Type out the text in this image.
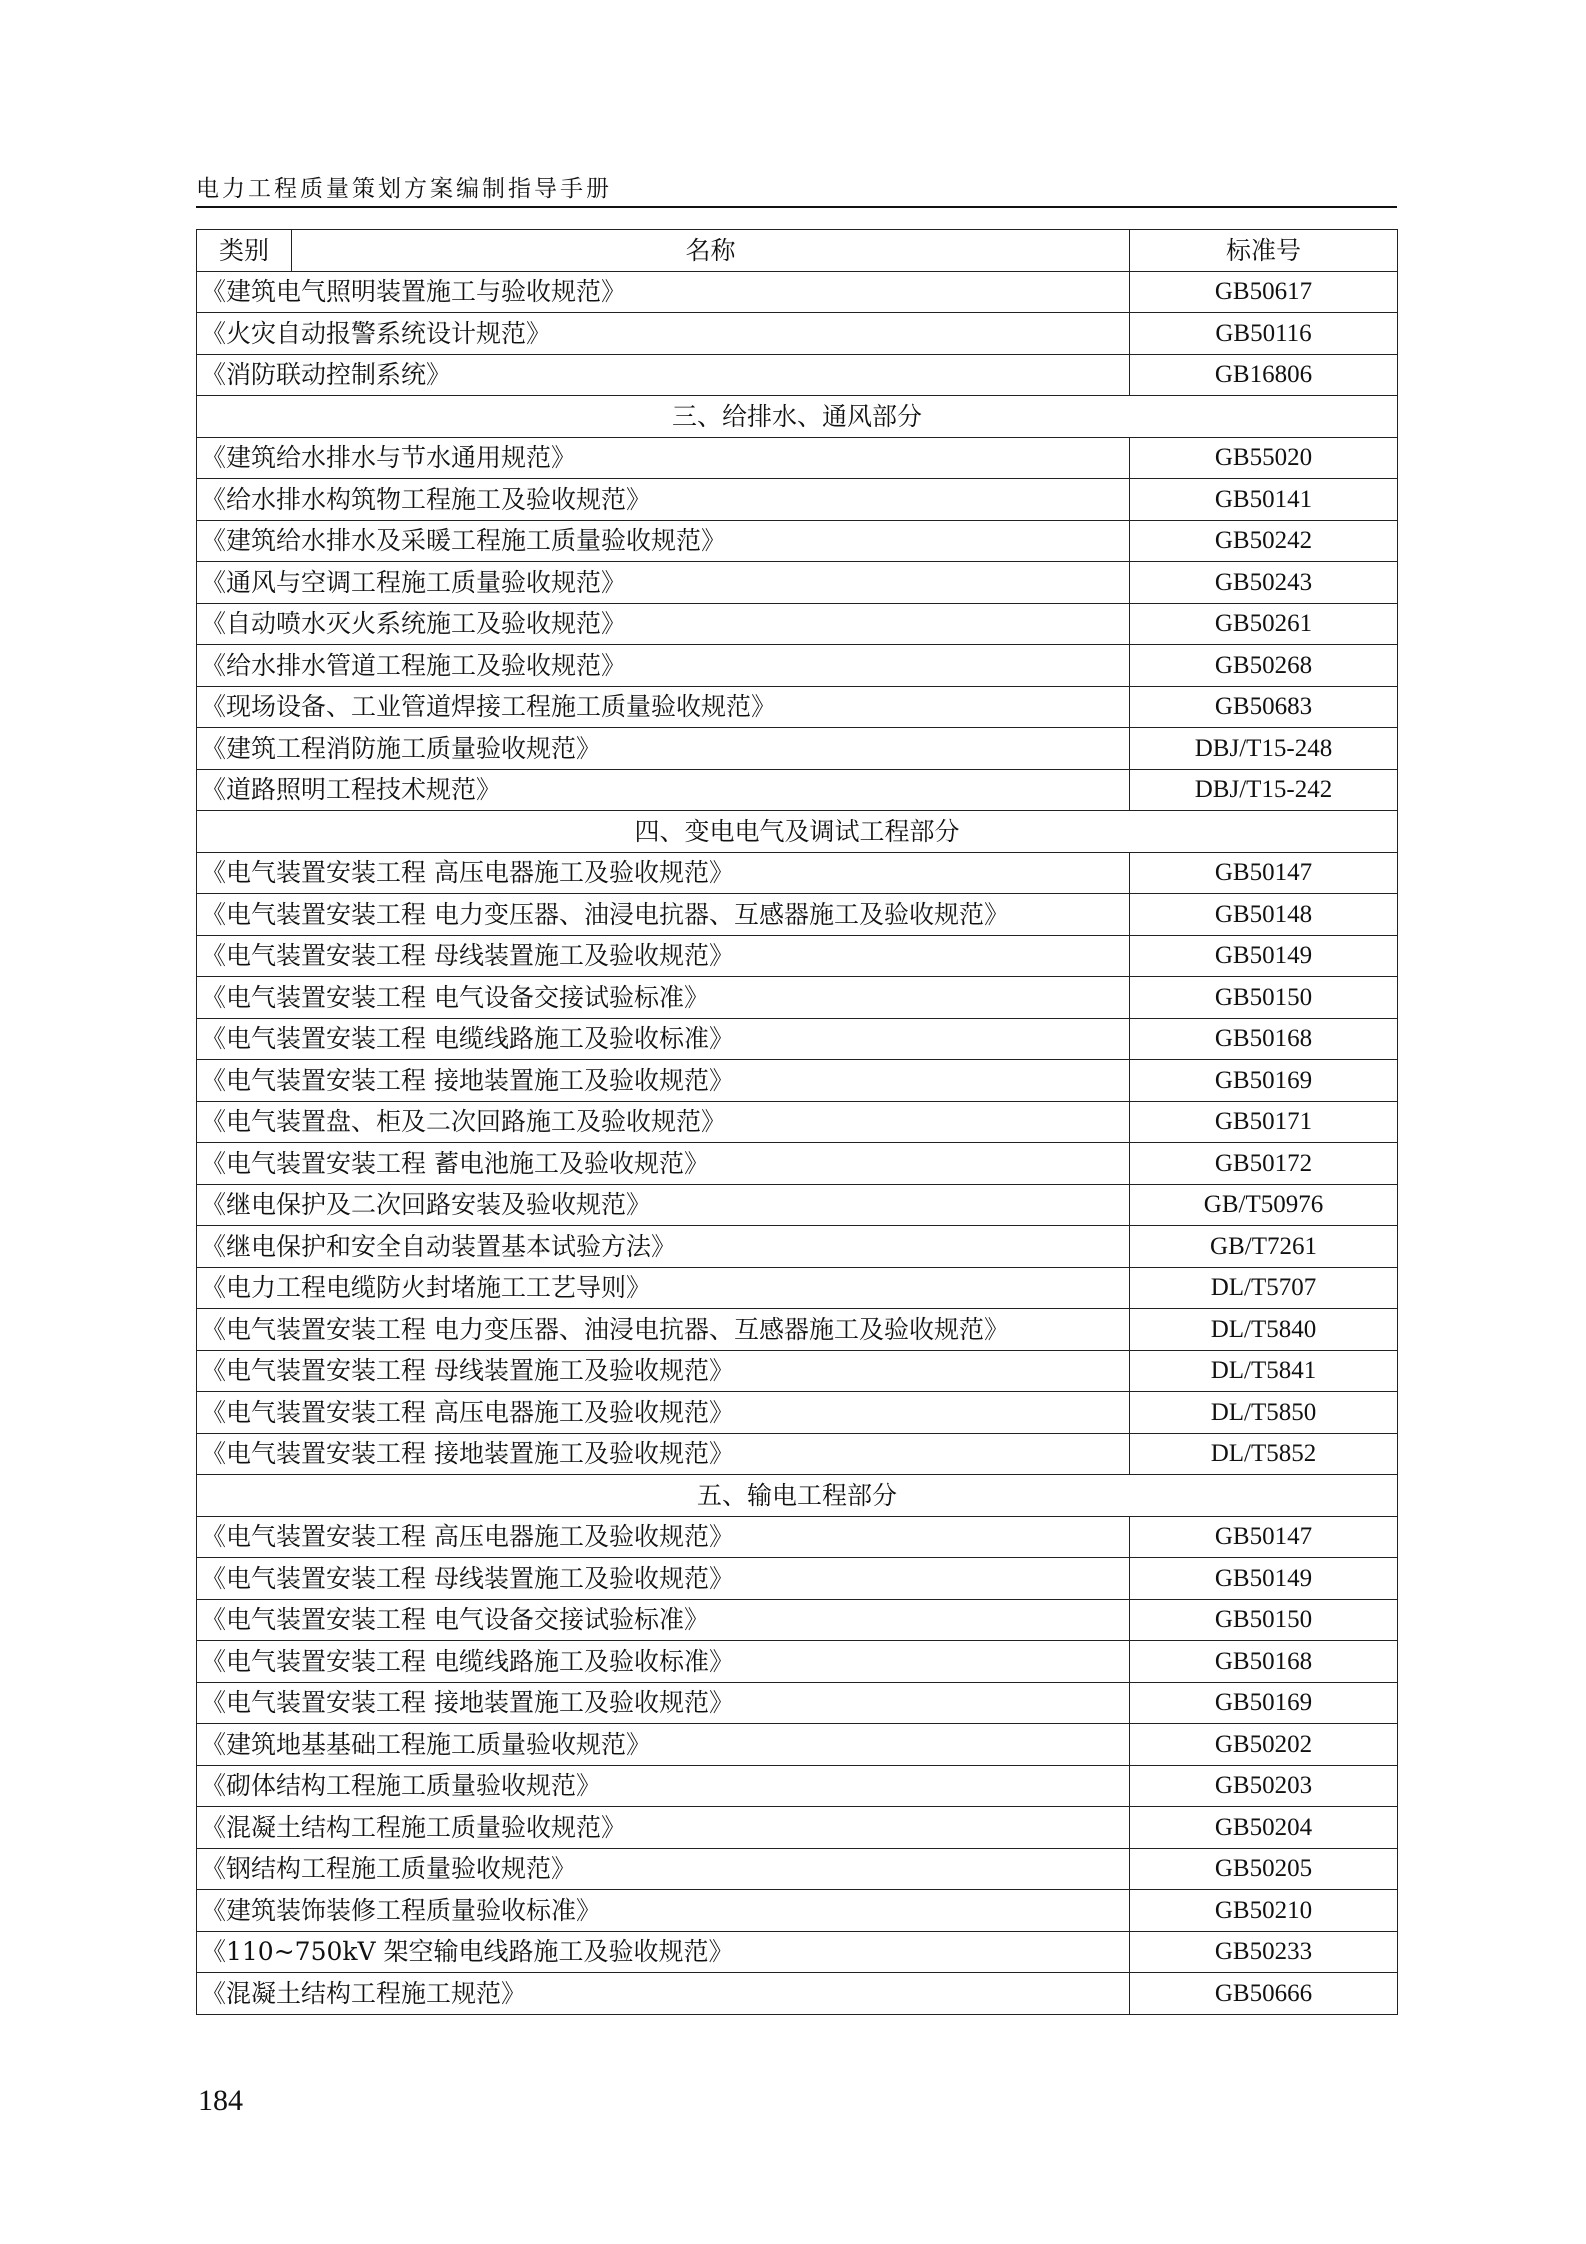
电力工程质量策划方案编制指导手册
类别	名称	标准号
《建筑电气照明装置施工与验收规范》		GB50617
《火灾自动报警系统设计规范》		GB50116
《消防联动控制系统》		GB16806
三、给排水、通风部分		
《建筑给水排水与节水通用规范》		GB55020
《给水排水构筑物工程施工及验收规范》		GB50141
《建筑给水排水及采暖工程施工质量验收规范》		GB50242
《通风与空调工程施工质量验收规范》		GB50243
《自动喷水灭火系统施工及验收规范》		GB50261
《给水排水管道工程施工及验收规范》		GB50268
《现场设备、工业管道焊接工程施工质量验收规范》		GB50683
《建筑工程消防施工质量验收规范》		DBJ/T15-248
《道路照明工程技术规范》		DBJ/T15-242
四、变电电气及调试工程部分		
《电气装置安装工程 高压电器施工及验收规范》		GB50147
《电气装置安装工程 电力变压器、油浸电抗器、互感器施工及验收规范》		GB50148
《电气装置安装工程 母线装置施工及验收规范》		GB50149
《电气装置安装工程 电气设备交接试验标准》		GB50150
《电气装置安装工程 电缆线路施工及验收标准》		GB50168
《电气装置安装工程 接地装置施工及验收规范》		GB50169
《电气装置盘、柜及二次回路施工及验收规范》		GB50171
《电气装置安装工程 蓄电池施工及验收规范》		GB50172
《继电保护及二次回路安装及验收规范》		GB/T50976
《继电保护和安全自动装置基本试验方法》		GB/T7261
《电力工程电缆防火封堵施工工艺导则》		DL/T5707
《电气装置安装工程 电力变压器、油浸电抗器、互感器施工及验收规范》		DL/T5840
《电气装置安装工程 母线装置施工及验收规范》		DL/T5841
《电气装置安装工程 高压电器施工及验收规范》		DL/T5850
《电气装置安装工程 接地装置施工及验收规范》		DL/T5852
五、输电工程部分		
《电气装置安装工程 高压电器施工及验收规范》		GB50147
《电气装置安装工程 母线装置施工及验收规范》		GB50149
《电气装置安装工程 电气设备交接试验标准》		GB50150
《电气装置安装工程 电缆线路施工及验收标准》		GB50168
《电气装置安装工程 接地装置施工及验收规范》		GB50169
《建筑地基基础工程施工质量验收规范》		GB50202
《砌体结构工程施工质量验收规范》		GB50203
《混凝土结构工程施工质量验收规范》		GB50204
《钢结构工程施工质量验收规范》		GB50205
《建筑装饰装修工程质量验收标准》		GB50210
《110~750kV 架空输电线路施工及验收规范》		GB50233
《混凝土结构工程施工规范》		GB50666
184
